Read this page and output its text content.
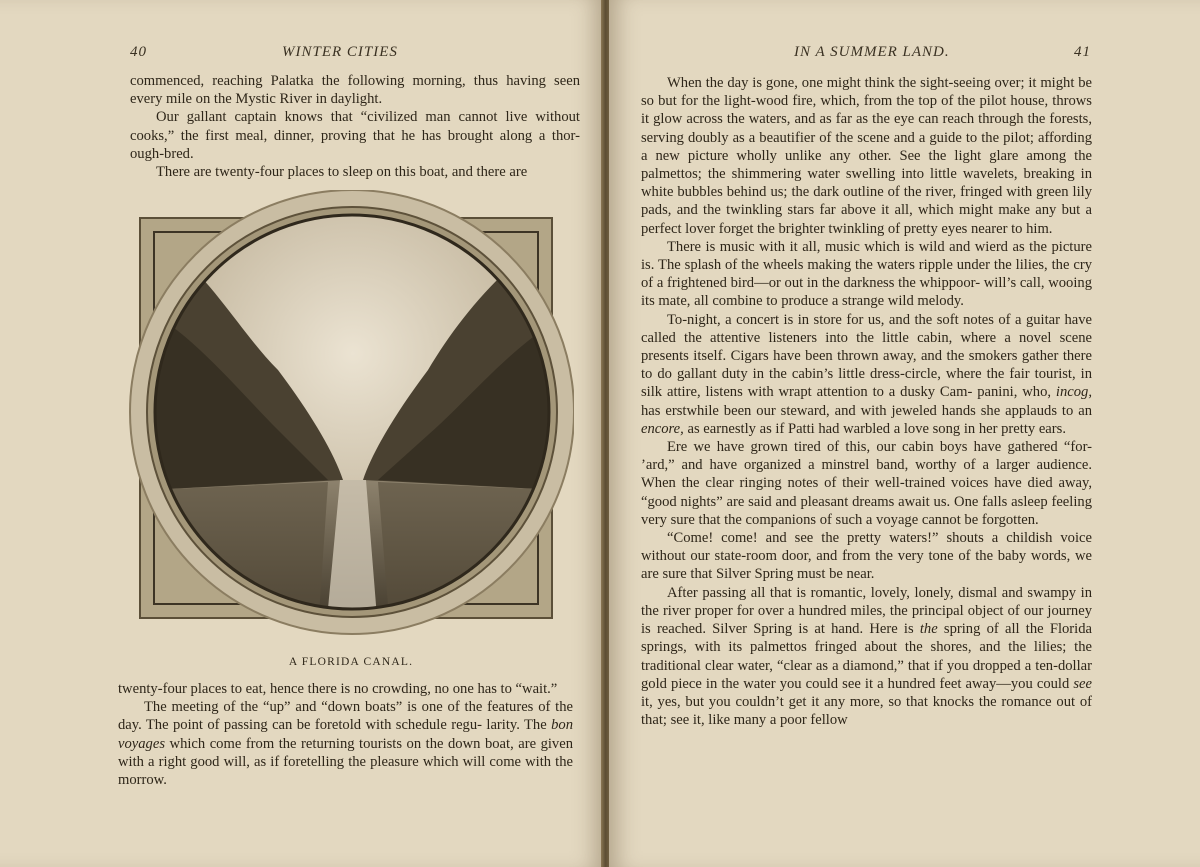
40	WINTER CITIES

commenced, reaching Palatka the following morning, thus having seen every mile on the Mystic River in daylight.

Our gallant captain knows that “civilized man cannot live without cooks,” the first meal, dinner, proving that he has brought along a thor- ough-bred.

There are twenty-four places to sleep on this boat, and there are

A FLORIDA CANAL.

twenty-four places to eat, hence there is no crowding, no one has to “wait.”

The meeting of the “up” and “down boats” is one of the features of the day. The point of passing can be foretold with schedule regu- larity. The bon voyages which come from the returning tourists on the down boat, are given with a right good will, as if foretelling the pleasure which will come with the morrow.

IN A SUMMER LAND.	41

When the day is gone, one might think the sight-seeing over; it might be so but for the light-wood fire, which, from the top of the pilot house, throws it glow across the waters, and as far as the eye can reach through the forests, serving doubly as a beautifier of the scene and a guide to the pilot; affording a new picture wholly unlike any other. See the light glare among the palmettos; the shimmering water swelling into little wavelets, breaking in white bubbles behind us; the dark outline of the river, fringed with green lily pads, and the twinkling stars far above it all, which might make any but a perfect lover forget the brighter twinkling of pretty eyes nearer to him.

There is music with it all, music which is wild and wierd as the picture is. The splash of the wheels making the waters ripple under the lilies, the cry of a frightened bird—or out in the darkness the whippoor- will’s call, wooing its mate, all combine to produce a strange wild melody.

To-night, a concert is in store for us, and the soft notes of a guitar have called the attentive listeners into the little cabin, where a novel scene presents itself. Cigars have been thrown away, and the smokers gather there to do gallant duty in the cabin’s little dress-circle, where the fair tourist, in silk attire, listens with wrapt attention to a dusky Cam- panini, who, incog, has erstwhile been our steward, and with jeweled hands she applauds to an encore, as earnestly as if Patti had warbled a love song in her pretty ears.

Ere we have grown tired of this, our cabin boys have gathered “for- ’ard,” and have organized a minstrel band, worthy of a larger audience. When the clear ringing notes of their well-trained voices have died away, “good nights” are said and pleasant dreams await us. One falls asleep feeling very sure that the companions of such a voyage cannot be forgotten.

“Come! come! and see the pretty waters!” shouts a childish voice without our state-room door, and from the very tone of the baby words, we are sure that Silver Spring must be near.

After passing all that is romantic, lovely, lonely, dismal and swampy in the river proper for over a hundred miles, the principal object of our journey is reached. Silver Spring is at hand. Here is the spring of all the Florida springs, with its palmettos fringed about the shores, and the lilies; the traditional clear water, “clear as a diamond,” that if you dropped a ten-dollar gold piece in the water you could see it a hundred feet away—you could see it, yes, but you couldn’t get it any more, so that knocks the romance out of that; see it, like many a poor fellow
